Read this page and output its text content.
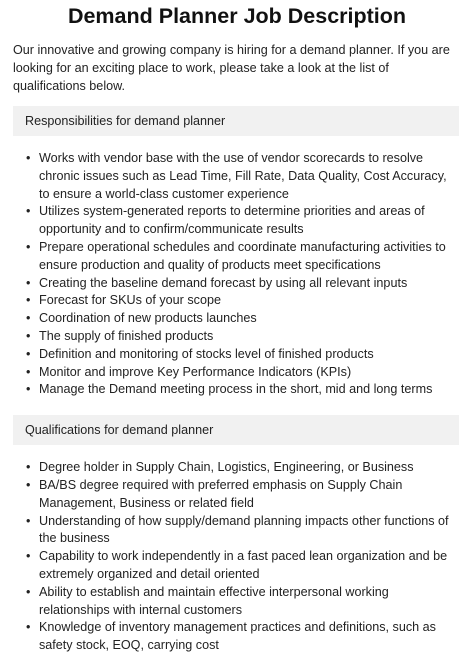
Demand Planner Job Description

Our innovative and growing company is hiring for a demand planner. If you are looking for an exciting place to work, please take a look at the list of qualifications below.

Responsibilities for demand planner
• Works with vendor base with the use of vendor scorecards to resolve chronic issues such as Lead Time, Fill Rate, Data Quality, Cost Accuracy, to ensure a world-class customer experience
• Utilizes system-generated reports to determine priorities and areas of opportunity and to confirm/communicate results
• Prepare operational schedules and coordinate manufacturing activities to ensure production and quality of products meet specifications
• Creating the baseline demand forecast by using all relevant inputs
• Forecast for SKUs of your scope
• Coordination of new products launches
• The supply of finished products
• Definition and monitoring of stocks level of finished products
• Monitor and improve Key Performance Indicators (KPIs)
• Manage the Demand meeting process in the short, mid and long terms
Qualifications for demand planner
• Degree holder in Supply Chain, Logistics, Engineering, or Business
• BA/BS degree required with preferred emphasis on Supply Chain Management, Business or related field
• Understanding of how supply/demand planning impacts other functions of the business
• Capability to work independently in a fast paced lean organization and be extremely organized and detail oriented
• Ability to establish and maintain effective interpersonal working relationships with internal customers
• Knowledge of inventory management practices and definitions, such as safety stock, EOQ, carrying cost
